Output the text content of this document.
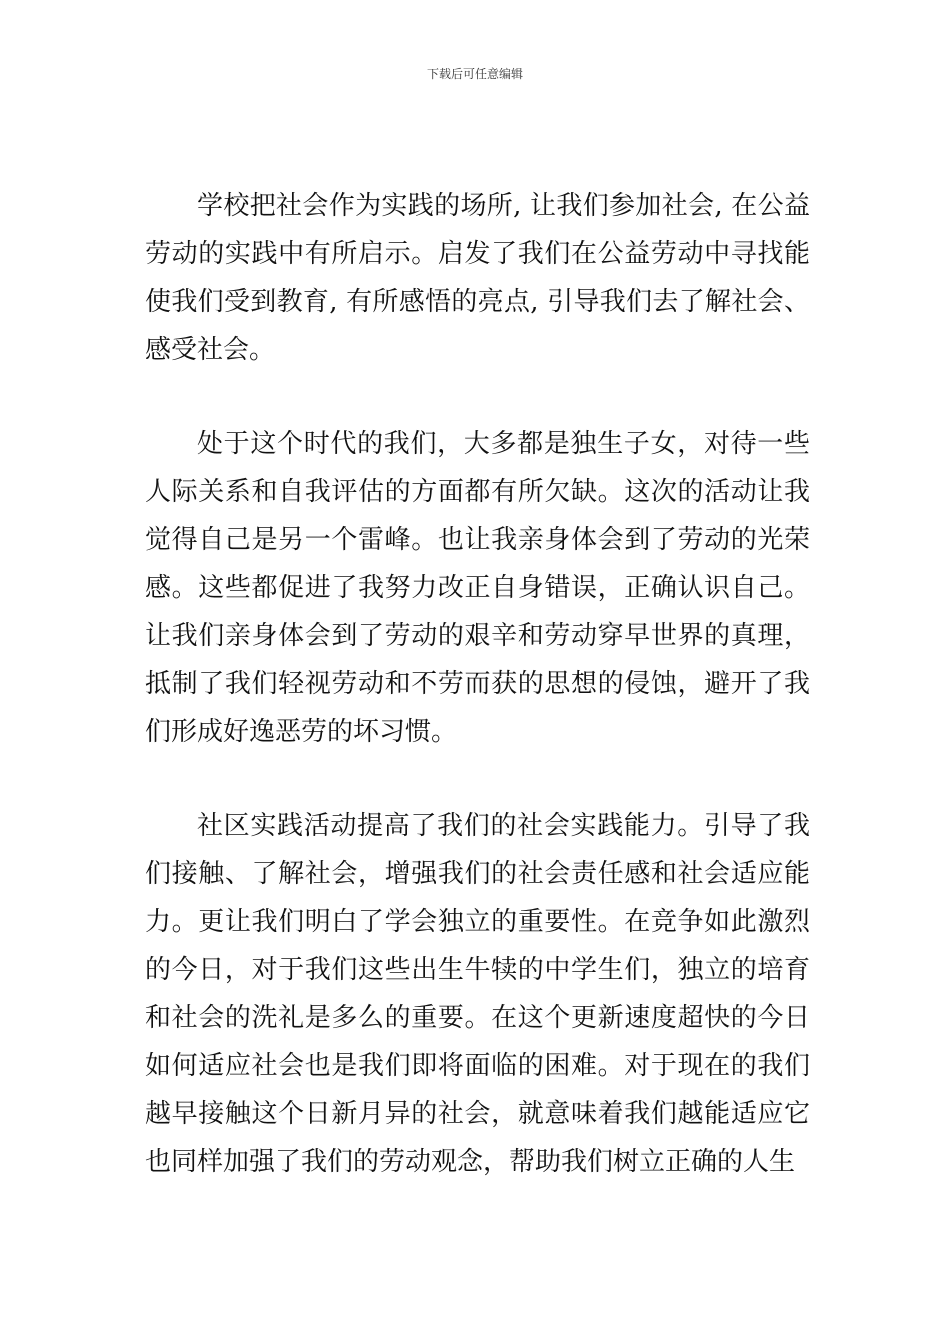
下载后可任意编辑

学校把社会作为实践的场所, 让我们参加社会, 在公益劳动的实践中有所启示。启发了我们在公益劳动中寻找能使我们受到教育, 有所感悟的亮点, 引导我们去了解社会、感受社会。

处于这个时代的我们，大多都是独生子女，对待一些人际关系和自我评估的方面都有所欠缺。这次的活动让我觉得自己是另一个雷峰。也让我亲身体会到了劳动的光荣感。这些都促进了我努力改正自身错误，正确认识自己。让我们亲身体会到了劳动的艰辛和劳动穿早世界的真理，抵制了我们轻视劳动和不劳而获的思想的侵蚀，避开了我们形成好逸恶劳的坏习惯。

社区实践活动提高了我们的社会实践能力。引导了我们接触、了解社会，增强我们的社会责任感和社会适应能力。更让我们明白了学会独立的重要性。在竞争如此激烈的今日，对于我们这些出生牛犊的中学生们，独立的培育和社会的洗礼是多么的重要。在这个更新速度超快的今日如何适应社会也是我们即将面临的困难。对于现在的我们越早接触这个日新月异的社会，就意味着我们越能适应它也同样加强了我们的劳动观念，帮助我们树立正确的人生
